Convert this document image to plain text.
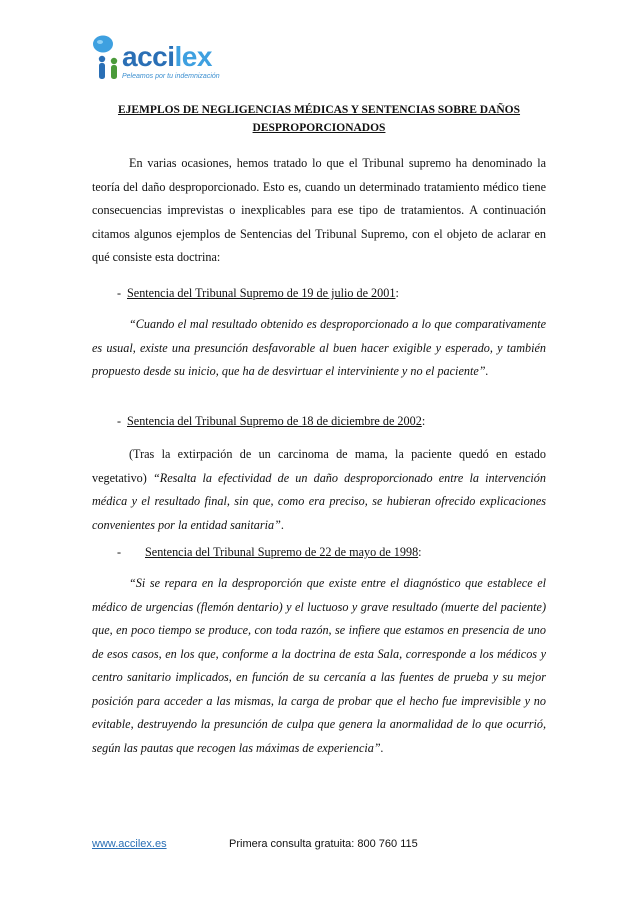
accilex
Peleamos por tu indemnización
EJEMPLOS DE NEGLIGENCIAS MÉDICAS Y SENTENCIAS SOBRE DAÑOS
DESPROPORCIONADOS
En varias ocasiones, hemos tratado lo que el Tribunal supremo ha denominado la teoría del daño desproporcionado. Esto es, cuando un determinado tratamiento médico tiene consecuencias imprevistas o inexplicables para ese tipo de tratamientos. A continuación citamos algunos ejemplos de Sentencias del Tribunal Supremo, con el objeto de aclarar en qué consiste esta doctrina:
- Sentencia del Tribunal Supremo de 19 de julio de 2001:
“Cuando el mal resultado obtenido es desproporcionado a lo que comparativamente es usual, existe una presunción desfavorable al buen hacer exigible y esperado, y también propuesto desde su inicio, que ha de desvirtuar el interviniente y no el paciente”.
- Sentencia del Tribunal Supremo de 18 de diciembre de 2002:
(Tras la extirpación de un carcinoma de mama, la paciente quedó en estado vegetativo) “Resalta la efectividad de un daño desproporcionado entre la intervención médica y el resultado final, sin que, como era preciso, se hubieran ofrecido explicaciones convenientes por la entidad sanitaria”.
- Sentencia del Tribunal Supremo de 22 de mayo de 1998:
“Si se repara en la desproporción que existe entre el diagnóstico que establece el médico de urgencias (flemón dentario) y el luctuoso y grave resultado (muerte del paciente) que, en poco tiempo se produce, con toda razón, se infiere que estamos en presencia de uno de esos casos, en los que, conforme a la doctrina de esta Sala, corresponde a los médicos y centro sanitario implicados, en función de su cercanía a las fuentes de prueba y su mejor posición para acceder a las mismas, la carga de probar que el hecho fue imprevisible y no evitable, destruyendo la presunción de culpa que genera la anormalidad de lo que ocurrió, según las pautas que recogen las máximas de experiencia”.
www.accilex.es	Primera consulta gratuita: 800 760 115
